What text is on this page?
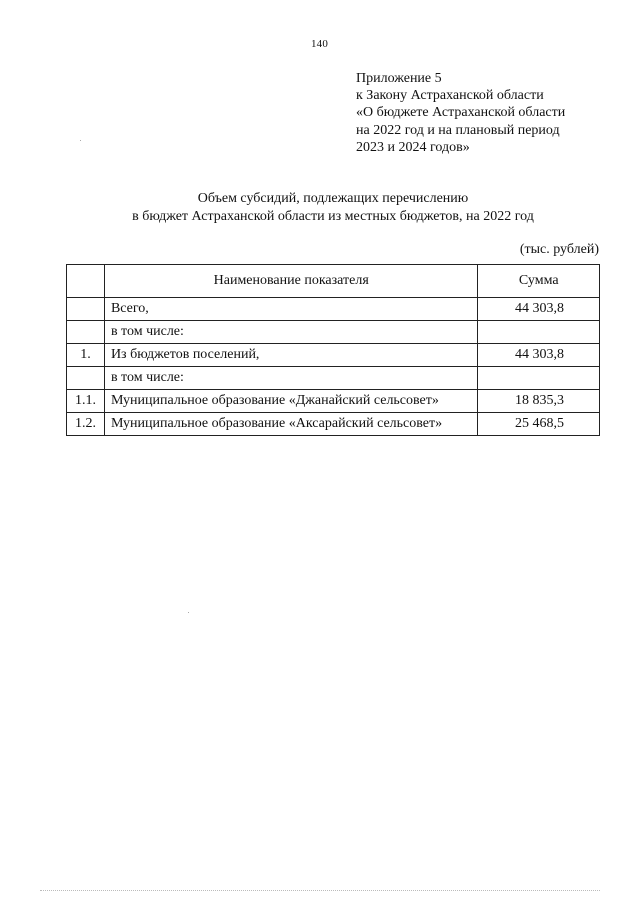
140
Приложение 5
к Закону Астраханской области
«О бюджете Астраханской области
на 2022 год и на плановый период
2023 и 2024 годов»
Объем субсидий, подлежащих перечислению
в бюджет Астраханской области из местных бюджетов, на 2022 год
(тыс. рублей)
	Наименование показателя	Сумма
	Всего,	44 303,8
	в том числе:	
1.	Из бюджетов поселений,	44 303,8
	в том числе:	
1.1.	Муниципальное образование «Джанайский сельсовет»	18 835,3
1.2.	Муниципальное образование «Аксарайский сельсовет»	25 468,5
